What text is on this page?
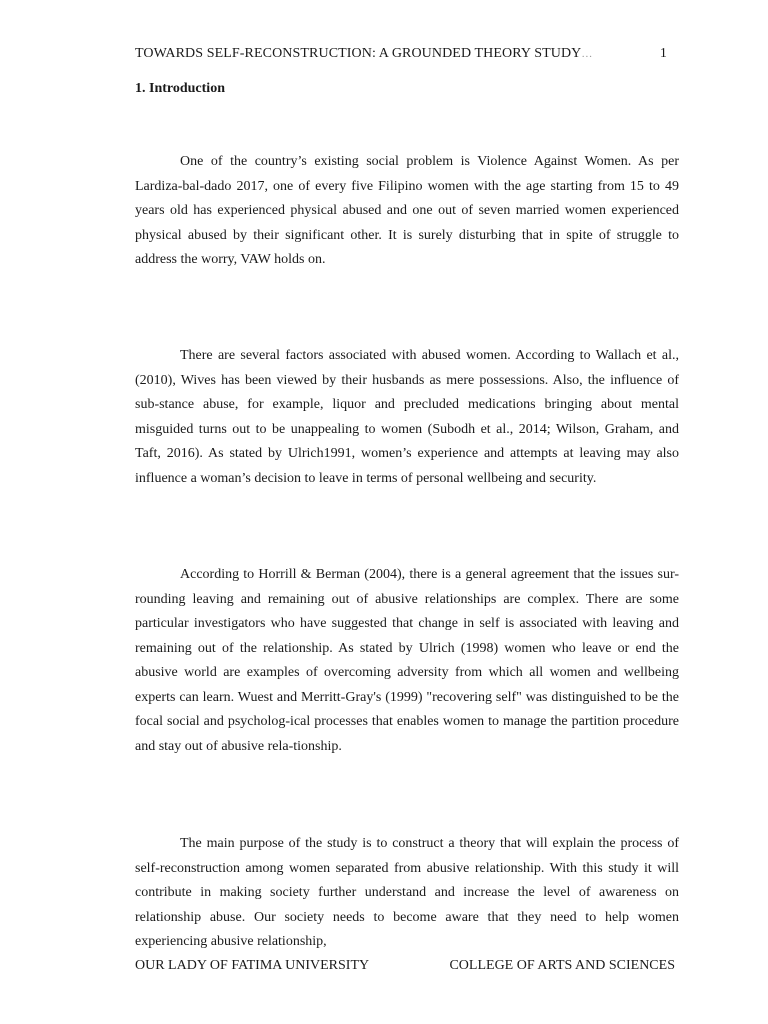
TOWARDS SELF-RECONSTRUCTION: A GROUNDED THEORY STUDY…	1
1. Introduction

One of the country’s existing social problem is Violence Against Women. As per Lardiza-bal-dado 2017, one of every five Filipino women with the age starting from 15 to 49 years old has experienced physical abused and one out of seven married women experienced physical abused by their significant other. It is surely disturbing that in spite of struggle to address the worry, VAW holds on.

There are several factors associated with abused women. According to Wallach et al., (2010), Wives has been viewed by their husbands as mere possessions. Also, the influence of sub-stance abuse, for example, liquor and precluded medications bringing about mental misguided turns out to be unappealing to women (Subodh et al., 2014; Wilson, Graham, and Taft, 2016). As stated by Ulrich1991, women’s experience and attempts at leaving may also influence a woman’s decision to leave in terms of personal wellbeing and security.

According to Horrill & Berman (2004), there is a general agreement that the issues sur-rounding leaving and remaining out of abusive relationships are complex. There are some particular investigators who have suggested that change in self is associated with leaving and remaining out of the relationship. As stated by Ulrich (1998) women who leave or end the abusive world are examples of overcoming adversity from which all women and wellbeing experts can learn. Wuest and Merritt-Gray's (1999) "recovering self" was distinguished to be the focal social and psycholog-ical processes that enables women to manage the partition procedure and stay out of abusive rela-tionship.

The main purpose of the study is to construct a theory that will explain the process of self-reconstruction among women separated from abusive relationship. With this study it will contribute in making society further understand and increase the level of awareness on relationship abuse. Our society needs to become aware that they need to help women experiencing abusive relationship,

OUR LADY OF FATIMA UNIVERSITY	COLLEGE OF ARTS AND SCIENCES
